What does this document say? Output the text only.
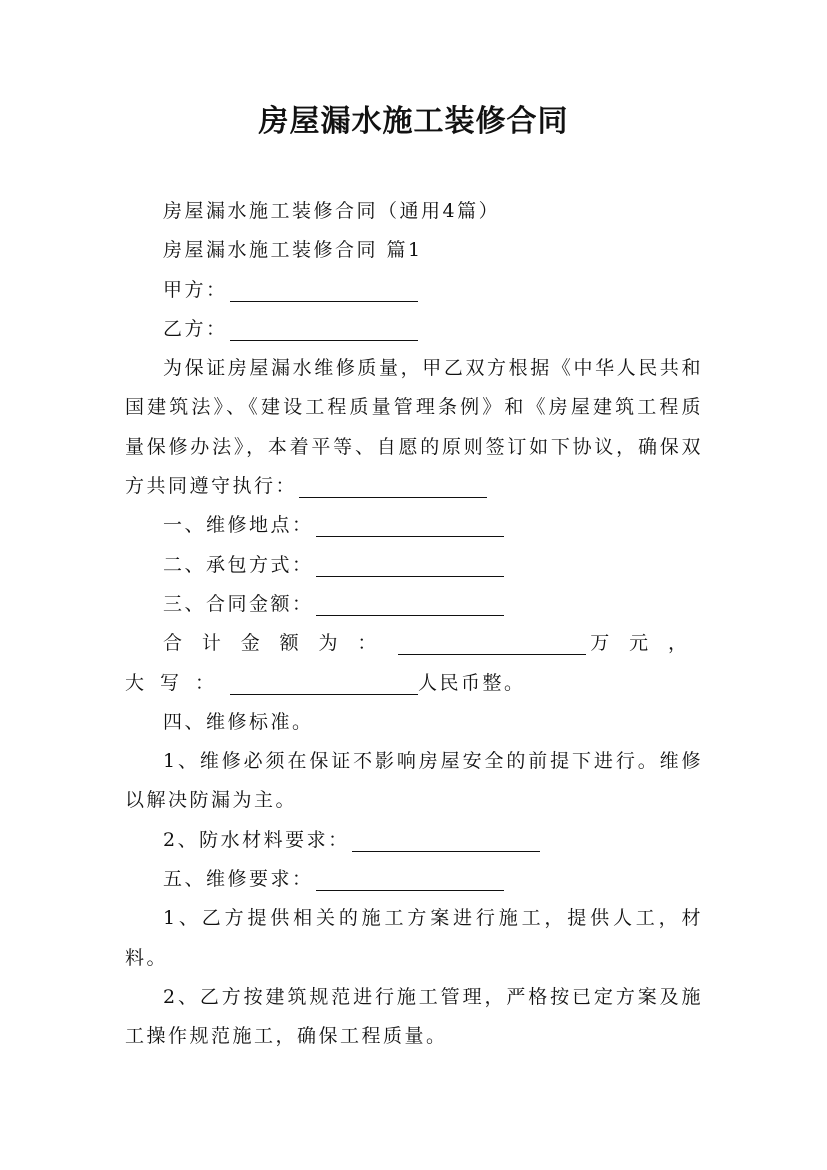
房屋漏水施工装修合同
房屋漏水施工装修合同（通用4篇）
房屋漏水施工装修合同 篇1
甲方：
乙方：
为保证房屋漏水维修质量，甲乙双方根据《中华人民共和国建筑法》、《建设工程质量管理条例》和《房屋建筑工程质量保修办法》，本着平等、自愿的原则签订如下协议，确保双方共同遵守执行：
一、维修地点：
二、承包方式：
三、合同金额：
合计金额为：	万元，大写：	人民币整。
四、维修标准。
1、维修必须在保证不影响房屋安全的前提下进行。维修以解决防漏为主。
2、防水材料要求：
五、维修要求：
1、乙方提供相关的施工方案进行施工，提供人工，材料。
2、乙方按建筑规范进行施工管理，严格按已定方案及施工操作规范施工，确保工程质量。
